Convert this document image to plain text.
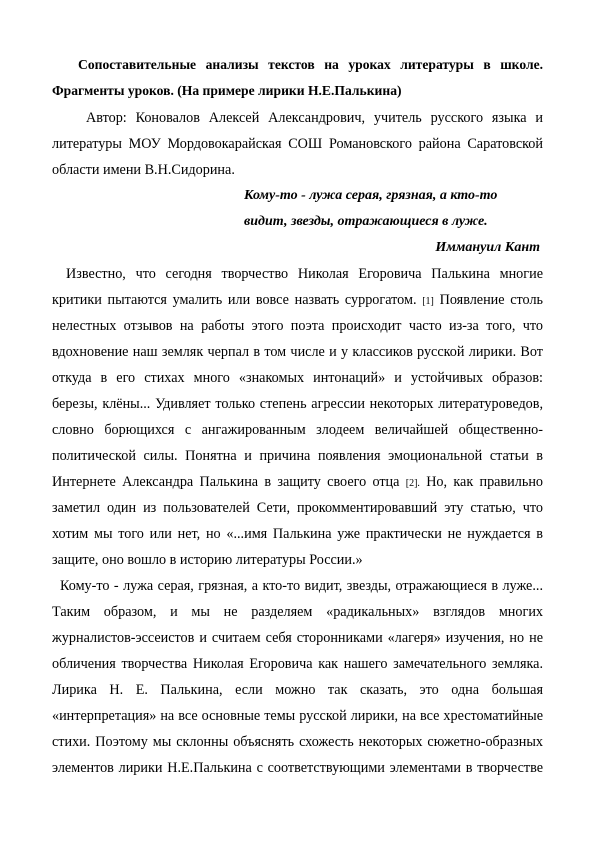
Сопоставительные анализы текстов на уроках литературы в школе.
Фрагменты уроков. (На примере лирики Н.Е.Палькина)
Автор: Коновалов Алексей Александрович, учитель русского языка и
литературы МОУ Мордовокарайская СОШ Романовского района Саратовской
области имени В.Н.Сидорина.
Кому-то - лужа серая, грязная, а кто-то
видит, звезды, отражающиеся в луже.
Иммануил Кант
Известно, что сегодня творчество Николая Егоровича Палькина многие
критики пытаются умалить или вовсе назвать суррогатом. [1] Появление столь
нелестных отзывов на работы этого поэта происходит часто из-за того, что
вдохновение наш земляк черпал в том числе и у классиков русской лирики. Вот
откуда в его стихах много «знакомых интонаций» и устойчивых образов:
березы, клёны... Удивляет только степень агрессии некоторых литературоведов,
словно борющихся с ангажированным злодеем величайшей общественно-
политической силы. Понятна и причина появления эмоциональной статьи в
Интернете Александра Палькина в защиту своего отца [2]. Но, как правильно
заметил один из пользователей Сети, прокомментировавший эту статью, что
хотим мы того или нет, но «...имя Палькина уже практически не нуждается в
защите, оно вошло в историю литературы России.»
Кому-то - лужа серая, грязная, а кто-то видит, звезды, отражающиеся в луже...
Таким образом, и мы не разделяем «радикальных» взглядов многих
журналистов-эссеистов и считаем себя сторонниками «лагеря» изучения, но не
обличения творчества Николая Егоровича как нашего замечательного земляка.
Лирика Н. Е. Палькина, если можно так сказать, это одна большая
«интерпретация» на все основные темы русской лирики, на все хрестоматийные
стихи. Поэтому мы склонны объяснять схожесть некоторых сюжетно-образных
элементов лирики Н.Е.Палькина с соответствующими элементами в творчестве
